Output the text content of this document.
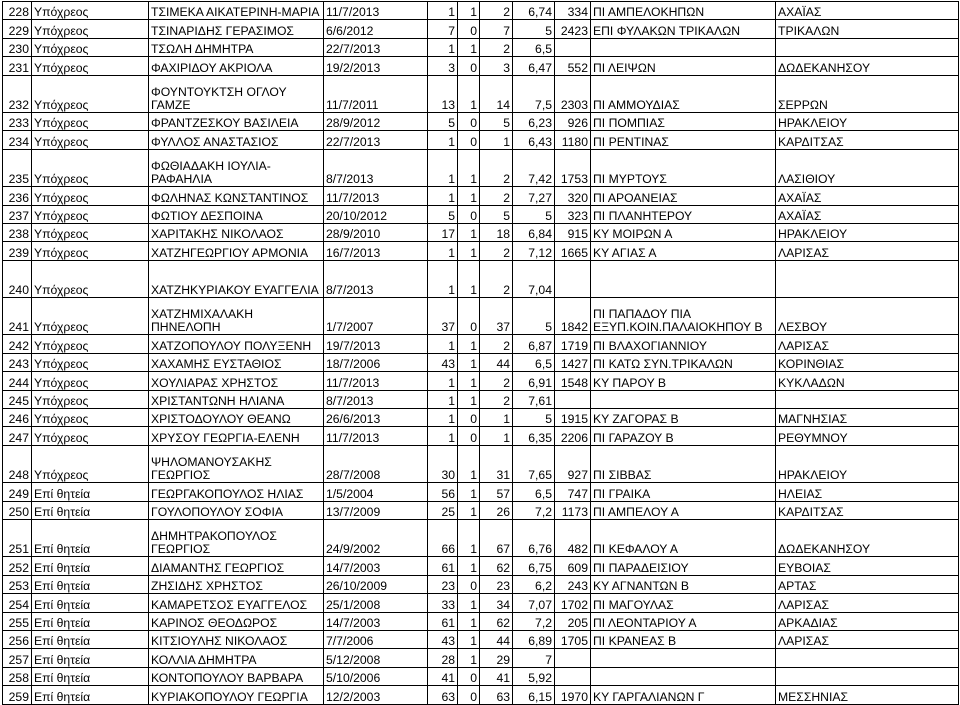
228	Υπόχρεος	ΤΣΙΜΕΚΑ ΑΙΚΑΤΕΡΙΝΗ-ΜΑΡΙΑ	11/7/2013	1	1	2	6,74	334	ΠΙ ΑΜΠΕΛΟΚΗΠΩΝ	ΑΧΑΪΑΣ
229	Υπόχρεος	ΤΣΙΝΑΡΙΔΗΣ ΓΕΡΑΣΙΜΟΣ	6/6/2012	7	0	7	5	2423	ΕΠΙ ΦΥΛΑΚΩΝ ΤΡΙΚΑΛΩΝ	ΤΡΙΚΑΛΩΝ
230	Υπόχρεος	ΤΣΩΛΗ ΔΗΜΗΤΡΑ	22/7/2013	1	1	2	6,5			
231	Υπόχρεος	ΦΑΧΙΡΙΔΟΥ ΑΚΡΙΟΛΑ	19/2/2013	3	0	3	6,47	552	ΠΙ ΛΕΙΨΩΝ	ΔΩΔΕΚΑΝΗΣΟΥ
232	Υπόχρεος	ΦΟΥΝΤΟΥΚΤΣΗ ΟΓΛΟΥ ΓΑΜΖΕ	11/7/2011	13	1	14	7,5	2303	ΠΙ ΑΜΜΟΥΔΙΑΣ	ΣΕΡΡΩΝ
233	Υπόχρεος	ΦΡΑΝΤΖΕΣΚΟΥ ΒΑΣΙΛΕΙΑ	28/9/2012	5	0	5	6,23	926	ΠΙ ΠΟΜΠΙΑΣ	ΗΡΑΚΛΕΙΟΥ
234	Υπόχρεος	ΦΥΛΛΟΣ ΑΝΑΣΤΑΣΙΟΣ	22/7/2013	1	0	1	6,43	1180	ΠΙ ΡΕΝΤΙΝΑΣ	ΚΑΡΔΙΤΣΑΣ
235	Υπόχρεος	ΦΩΘΙΑΔΑΚΗ ΙΟΥΛΙΑ-ΡΑΦΑΗΛΙΑ	8/7/2013	1	1	2	7,42	1753	ΠΙ ΜΥΡΤΟΥΣ	ΛΑΣΙΘΙΟΥ
236	Υπόχρεος	ΦΩΛΗΝΑΣ ΚΩΝΣΤΑΝΤΙΝΟΣ	11/7/2013	1	1	2	7,27	320	ΠΙ ΑΡΟΑΝΕΙΑΣ	ΑΧΑΪΑΣ
237	Υπόχρεος	ΦΩΤΙΟΥ ΔΕΣΠΟΙΝΑ	20/10/2012	5	0	5	5	323	ΠΙ ΠΛΑΝΗΤΕΡΟΥ	ΑΧΑΪΑΣ
238	Υπόχρεος	ΧΑΡΙΤΑΚΗΣ ΝΙΚΟΛΑΟΣ	28/9/2010	17	1	18	6,84	915	ΚΥ ΜΟΙΡΩΝ Α	ΗΡΑΚΛΕΙΟΥ
239	Υπόχρεος	ΧΑΤΖΗΓΕΩΡΓΙΟΥ ΑΡΜΟΝΙΑ	16/7/2013	1	1	2	7,12	1665	ΚΥ ΑΓΙΑΣ Α	ΛΑΡΙΣΑΣ
240	Υπόχρεος	ΧΑΤΖΗΚΥΡΙΑΚΟΥ ΕΥΑΓΓΕΛΙΑ	8/7/2013	1	1	2	7,04			
241	Υπόχρεος	ΧΑΤΖΗΜΙΧΑΛΑΚΗ ΠΗΝΕΛΟΠΗ	1/7/2007	37	0	37	5	1842	ΠΙ ΠΑΠΑΔΟΥ ΠΙΑ ΕΞΥΠ.ΚΟΙΝ.ΠΑΛΑΙΟΚΗΠΟΥ Β	ΛΕΣΒΟΥ
242	Υπόχρεος	ΧΑΤΖΟΠΟΥΛΟΥ ΠΟΛΥΞΕΝΗ	19/7/2013	1	1	2	6,87	1719	ΠΙ ΒΛΑΧΟΓΙΑΝΝΙΟΥ	ΛΑΡΙΣΑΣ
243	Υπόχρεος	ΧΑΧΑΜΗΣ ΕΥΣΤΑΘΙΟΣ	18/7/2006	43	1	44	6,5	1427	ΠΙ ΚΑΤΩ ΣΥΝ.ΤΡΙΚΑΛΩΝ	ΚΟΡΙΝΘΙΑΣ
244	Υπόχρεος	ΧΟΥΛΙΑΡΑΣ ΧΡΗΣΤΟΣ	11/7/2013	1	1	2	6,91	1548	ΚΥ ΠΑΡΟΥ Β	ΚΥΚΛΑΔΩΝ
245	Υπόχρεος	ΧΡΙΣΤΑΝΤΩΝΗ ΗΛΙΑΝΑ	8/7/2013	1	1	2	7,61			
246	Υπόχρεος	ΧΡΙΣΤΟΔΟΥΛΟΥ ΘΕΑΝΩ	26/6/2013	1	0	1	5	1915	ΚΥ ΖΑΓΟΡΑΣ Β	ΜΑΓΝΗΣΙΑΣ
247	Υπόχρεος	ΧΡΥΣΟΥ ΓΕΩΡΓΙΑ-ΕΛΕΝΗ	11/7/2013	1	0	1	6,35	2206	ΠΙ ΓΑΡΑΖΟΥ Β	ΡΕΘΥΜΝΟΥ
248	Υπόχρεος	ΨΗΛΟΜΑΝΟΥΣΑΚΗΣ ΓΕΩΡΓΙΟΣ	28/7/2008	30	1	31	7,65	927	ΠΙ ΣΙΒΒΑΣ	ΗΡΑΚΛΕΙΟΥ
249	Επί θητεία	ΓΕΩΡΓΑΚΟΠΟΥΛΟΣ ΗΛΙΑΣ	1/5/2004	56	1	57	6,5	747	ΠΙ ΓΡΑΙΚΑ	ΗΛΕΙΑΣ
250	Επί θητεία	ΓΟΥΛΟΠΟΥΛΟΥ ΣΟΦΙΑ	13/7/2009	25	1	26	7,2	1173	ΠΙ ΑΜΠΕΛΟΥ Α	ΚΑΡΔΙΤΣΑΣ
251	Επί θητεία	ΔΗΜΗΤΡΑΚΟΠΟΥΛΟΣ ΓΕΩΡΓΙΟΣ	24/9/2002	66	1	67	6,76	482	ΠΙ ΚΕΦΑΛΟΥ Α	ΔΩΔΕΚΑΝΗΣΟΥ
252	Επί θητεία	ΔΙΑΜΑΝΤΗΣ ΓΕΩΡΓΙΟΣ	14/7/2003	61	1	62	6,75	609	ΠΙ ΠΑΡΑΔΕΙΣΙΟΥ	ΕΥΒΟΙΑΣ
253	Επί θητεία	ΖΗΣΙΔΗΣ ΧΡΗΣΤΟΣ	26/10/2009	23	0	23	6,2	243	ΚΥ ΑΓΝΑΝΤΩΝ Β	ΑΡΤΑΣ
254	Επί θητεία	ΚΑΜΑΡΕΤΣΟΣ ΕΥΑΓΓΕΛΟΣ	25/1/2008	33	1	34	7,07	1702	ΠΙ ΜΑΓΟΥΛΑΣ	ΛΑΡΙΣΑΣ
255	Επί θητεία	ΚΑΡΙΝΟΣ ΘΕΟΔΩΡΟΣ	14/7/2003	61	1	62	7,2	205	ΠΙ ΛΕΟΝΤΑΡΙΟΥ Α	ΑΡΚΑΔΙΑΣ
256	Επί θητεία	ΚΙΤΣΙΟΥΛΗΣ ΝΙΚΟΛΑΟΣ	7/7/2006	43	1	44	6,89	1705	ΠΙ ΚΡΑΝΕΑΣ Β	ΛΑΡΙΣΑΣ
257	Επί θητεία	ΚΟΛΛΙΑ ΔΗΜΗΤΡΑ	5/12/2008	28	1	29	7			
258	Επί θητεία	ΚΟΝΤΟΠΟΥΛΟΥ ΒΑΡΒΑΡΑ	5/10/2006	41	0	41	5,92			
259	Επί θητεία	ΚΥΡΙΑΚΟΠΟΥΛΟΥ ΓΕΩΡΓΙΑ	12/2/2003	63	0	63	6,15	1970	ΚΥ ΓΑΡΓΑΛΙΑΝΩΝ Γ	ΜΕΣΣΗΝΙΑΣ
